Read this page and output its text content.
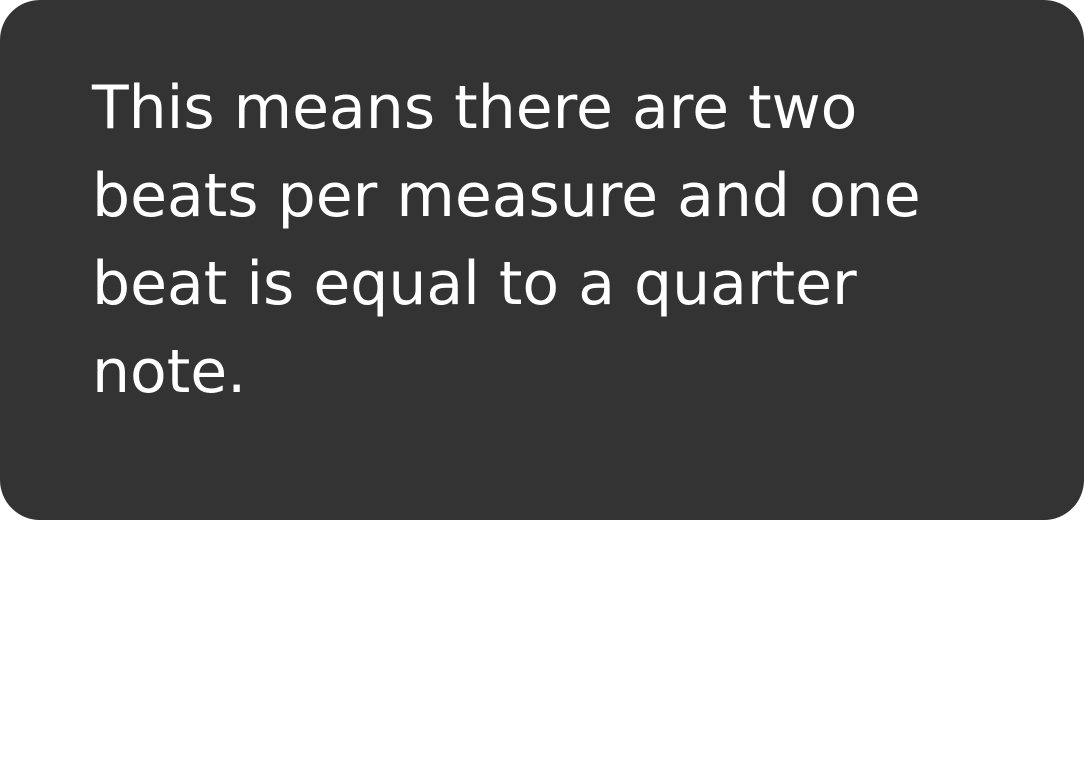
This means there are two beats per measure and one beat is equal to a quarter note.
